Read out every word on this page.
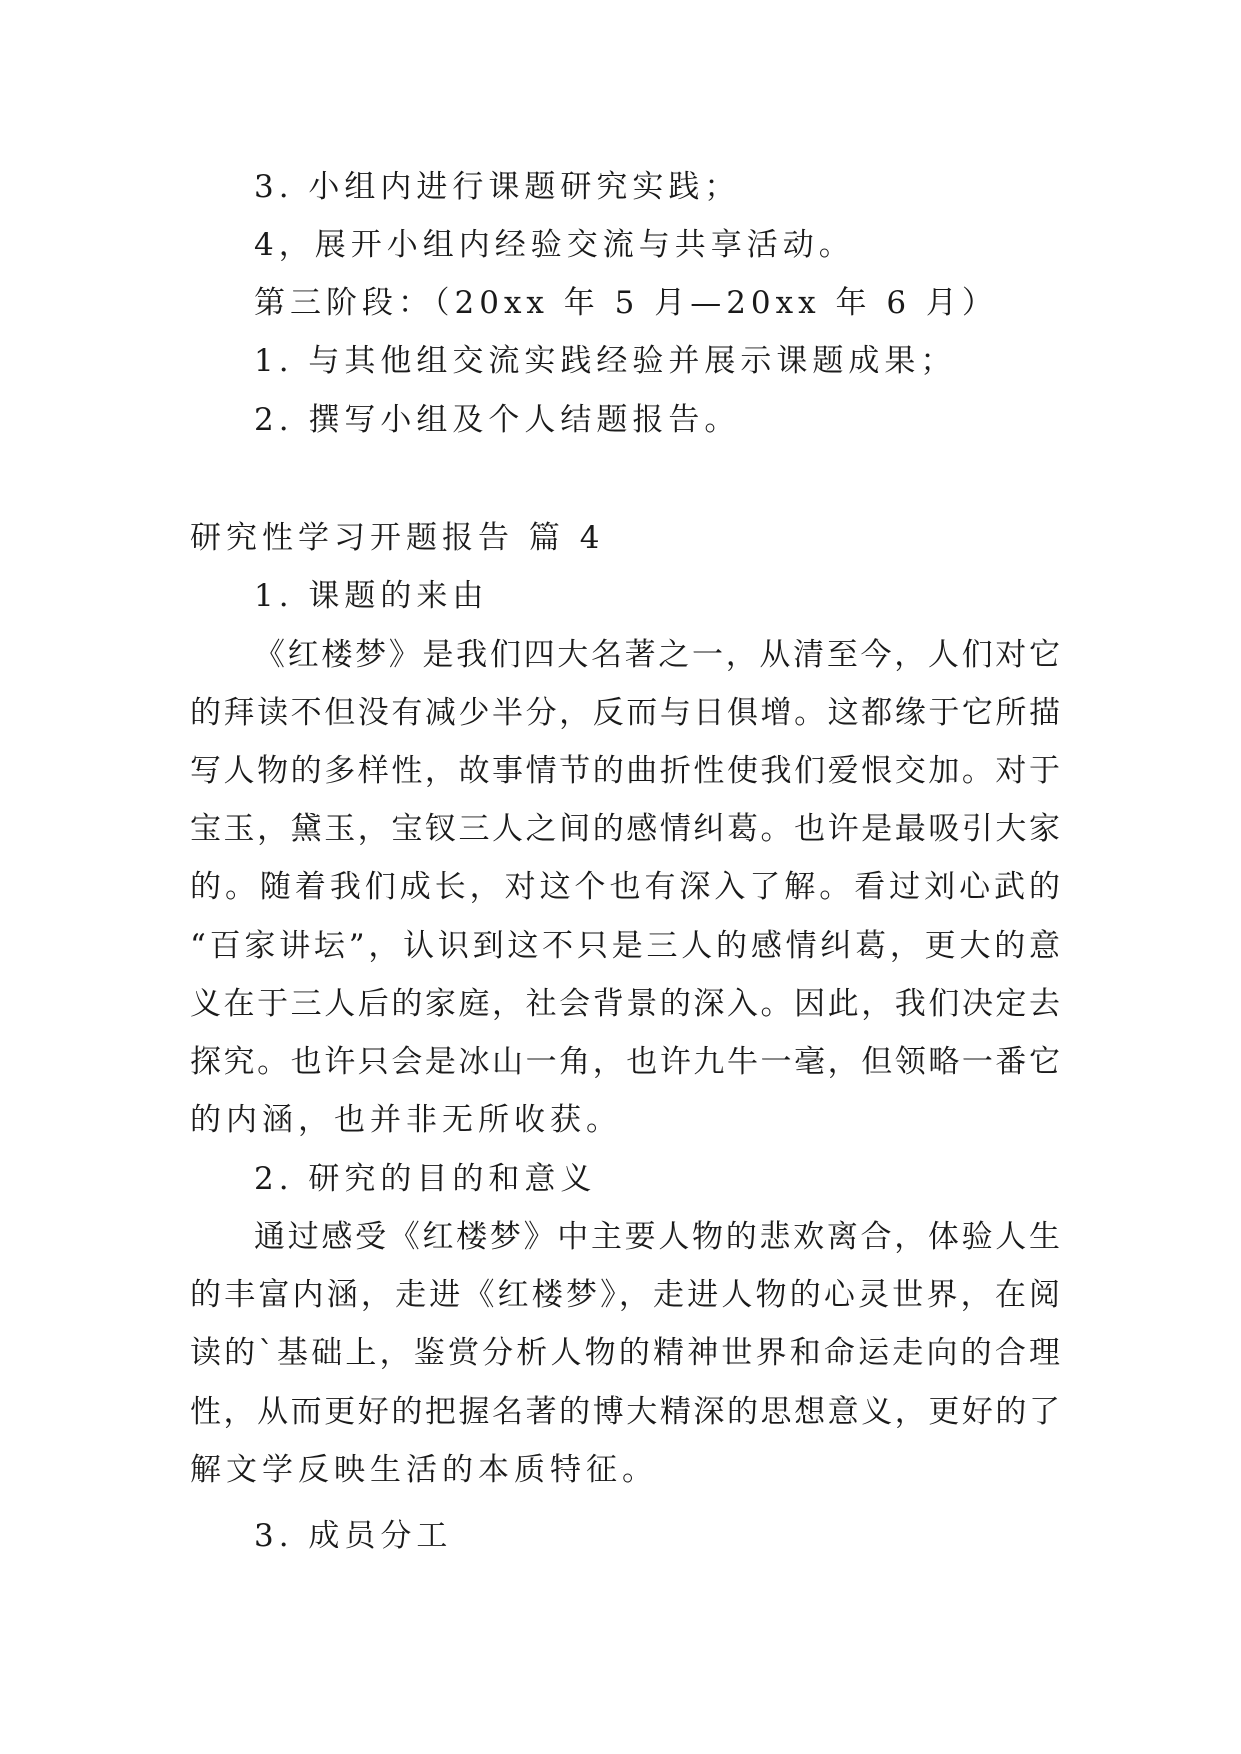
3. 小组内进行课题研究实践；
4，展开小组内经验交流与共享活动。
第三阶段：（20xx 年 5 月—20xx 年 6 月）
1. 与其他组交流实践经验并展示课题成果；
2. 撰写小组及个人结题报告。
研究性学习开题报告 篇 4
1. 课题的来由
《红楼梦》是我们四大名著之一，从清至今，人们对它
的拜读不但没有减少半分，反而与日俱增。这都缘于它所描
写人物的多样性，故事情节的曲折性使我们爱恨交加。对于
宝玉，黛玉，宝钗三人之间的感情纠葛。也许是最吸引大家
的。随着我们成长，对这个也有深入了解。看过刘心武的
“百家讲坛”，认识到这不只是三人的感情纠葛，更大的意
义在于三人后的家庭，社会背景的深入。因此，我们决定去
探究。也许只会是冰山一角，也许九牛一毫，但领略一番它
的内涵，也并非无所收获。
2. 研究的目的和意义
通过感受《红楼梦》中主要人物的悲欢离合，体验人生
的丰富内涵，走进《红楼梦》，走进人物的心灵世界，在阅
读的`基础上，鉴赏分析人物的精神世界和命运走向的合理
性，从而更好的把握名著的博大精深的思想意义，更好的了
解文学反映生活的本质特征。
3. 成员分工
